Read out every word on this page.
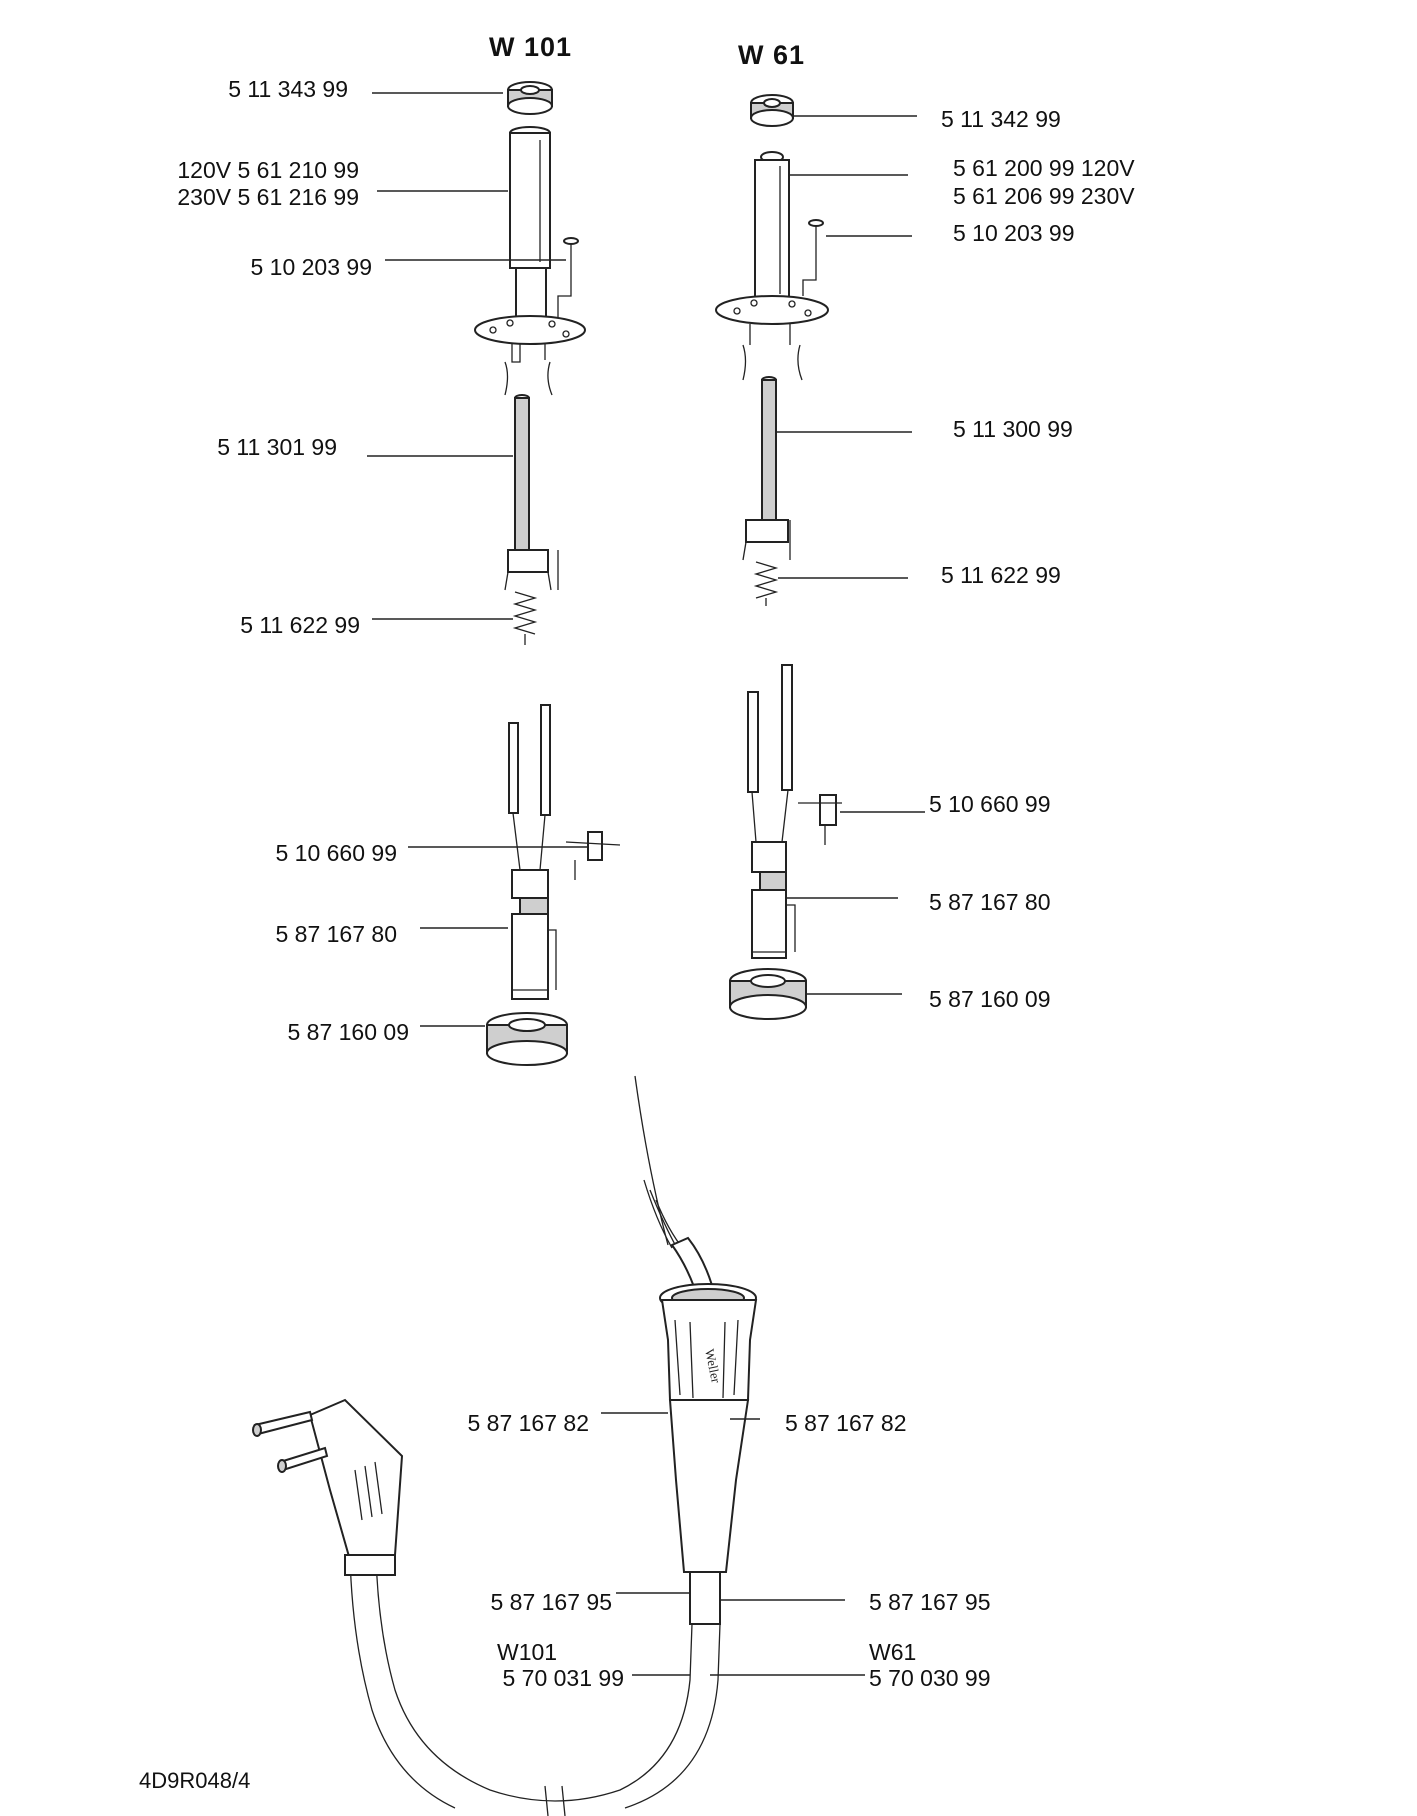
Weller
W 101	W 61
5 11 343 99
120V 5 61 210 99
230V 5 61 216 99
5 10 203 99
5 11 301 99
5 11 622 99
5 10 660 99
5 87 167 80
5 87 160 09
5 11 342 99
5 61 200 99 120V
5 61 206 99 230V
5 10 203 99
5 11 300 99
5 11 622 99
5 10 660 99
5 87 167 80
5 87 160 09
5 87 167 82	5 87 167 82
5 87 167 95	5 87 167 95
W101
5 70 031 99
W61
5 70 030 99
4D9R048/4
